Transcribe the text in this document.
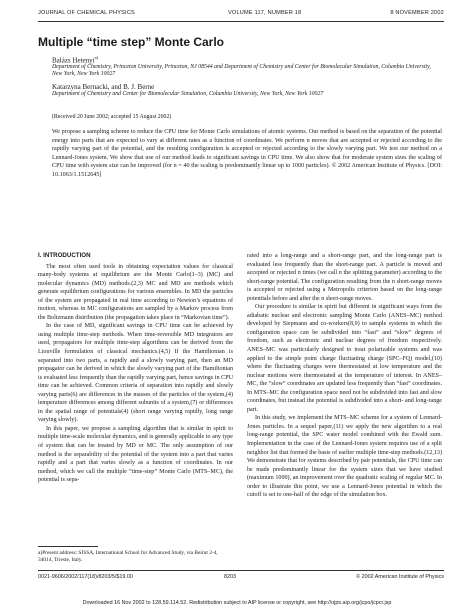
JOURNAL OF CHEMICAL PHYSICS	VOLUME 117, NUMBER 18	8 NOVEMBER 2002
Multiple “time step” Monte Carlo
Balázs Hetenyi$^{a)}$
Department of Chemistry, Princeton University, Princeton, NJ 08544 and Department of Chemistry and Center for Biomolecular Simulation, Columbia University, New York, New York 10027
Katarzyna Bernacki, and B. J. Berne
Department of Chemistry and Center for Biomolecular Simulation, Columbia University, New York, New York 10027
(Received 20 June 2002; accepted 15 August 2002)
We propose a sampling scheme to reduce the CPU time for Monte Carlo simulations of atomic systems. Our method is based on the separation of the potential energy into parts that are expected to vary at different rates as a function of coordinates. We perform n moves that are accepted or rejected according to the rapidly varying part of the potential, and the resulting configuration is accepted or rejected according to the slowly varying part. We test our method on a Lennard-Jones system. We show that use of our method leads to significant savings in CPU time. We also show that for moderate system sizes the scaling of CPU time with system size can be improved (for n = 40 the scaling is predominantly linear up to 1000 particles). © 2002 American Institute of Physics. [DOI: 10.1063/1.1512645]
I. INTRODUCTION

The most often used tools in obtaining expectation values for classical many-body systems at equilibrium are the Monte Carlo(1–3) (MC) and molecular dynamics (MD) methods.(2,3) MC and MD are methods which generate equilibrium configurations for various ensembles. In MD the particles of the system are propagated in real time according to Newton’s equations of motion, whereas in MC configurations are sampled by a Markov process from the Boltzmann distribution (the propagation takes place in “Markovian time”).

In the case of MD, significant savings in CPU time can be achieved by using multiple time-step methods. When time-reversible MD integrators are used, propagators for multiple time-step algorithms can be derived from the Liouville formulation of classical mechanics.(4,5) If the Hamiltonian is separated into two parts, a rapidly and a slowly varying part, then an MD propagator can be derived in which the slowly varying part of the Hamiltonian is evaluated less frequently than the rapidly varying part, hence savings in CPU time can be achieved. Common criteria of separation into rapidly and slowly varying parts(6) are differences in the masses of the particles of the system,(4) temperature differences among different subunits of a system,(7) or differences in the spatial range of potentials(4) (short range varying rapidly, long range varying slowly).

In this paper, we propose a sampling algorithm that is similar in spirit to multiple time-scale molecular dynamics, and is generally applicable to any type of system that can be treated by MD or MC. The only assumption of our method is the separability of the potential of the system into a part that varies rapidly and a part that varies slowly as a function of coordinates. In our method, which we call the multiple “time-step” Monte Carlo (MTS–MC), the potential is sepa-

rated into a long-range and a short-range part, and the long-range part is evaluated less frequently than the short-range part. A particle is moved and accepted or rejected n times (we call n the splitting parameter) according to the short-range potential. The configuration resulting from the n short-range moves is accepted or rejected using a Metropolis criterion based on the long-range potentials before and after the n short-range moves.

Our procedure is similar in spirit but different in significant ways from the adiabatic nuclear and electronic sampling Monte Carlo (ANES–MC) method developed by Siepmann and co-workers(8,9) to sample systems in which the configuration space can be subdivided into “fast” and “slow” degrees of freedom, such as electronic and nuclear degrees of freedom respectively. ANES–MC was particularly designed to treat polarizable systems and was applied to the simple point charge fluctuating charge (SPC–FQ) model,(10) where the fluctuating charges were thermostated at low temperature and the nuclear motions were thermostated at the temperature of interest. In ANES–MC, the “slow” coordinates are updated less frequently than “fast” coordinates. In MTS–MC the configuration space need not be subdivided into fast and slow coordinates, but instead the potential is subdivided into a short- and long-range part.

In this study, we implement the MTS–MC scheme for a system of Lennard-Jones particles. In a sequel paper,(11) we apply the new algorithm to a real long-range potential, the SPC water model combined with the Ewald sum. Implementation in the case of the Lennard-Jones system requires use of a split neighbor list that formed the basis of earlier multiple time-step methods.(12,13) We demonstrate that for systems described by pair potentials, the CPU time can be made predominantly linear for the system sizes that we have studied (maximum 1000), an improvement over the quadratic scaling of regular MC. In order to illustrate this point, we use a Lennard-Jones potential in which the cutoff is set to one-half of the edge of the simulation box.

a)Present address: SISSA, International School for Advanced Study, via Beirut 2-4, 34014, Trieste, Italy.
0021-9606/2002/117(18)/8203/5/$19.00	8203	© 2002 American Institute of Physics
Downloaded 16 Nov 2002 to 128.59.114.52. Redistribution subject to AIP license or copyright, see http://ojps.aip.org/jcpo/jcpcr.jsp
